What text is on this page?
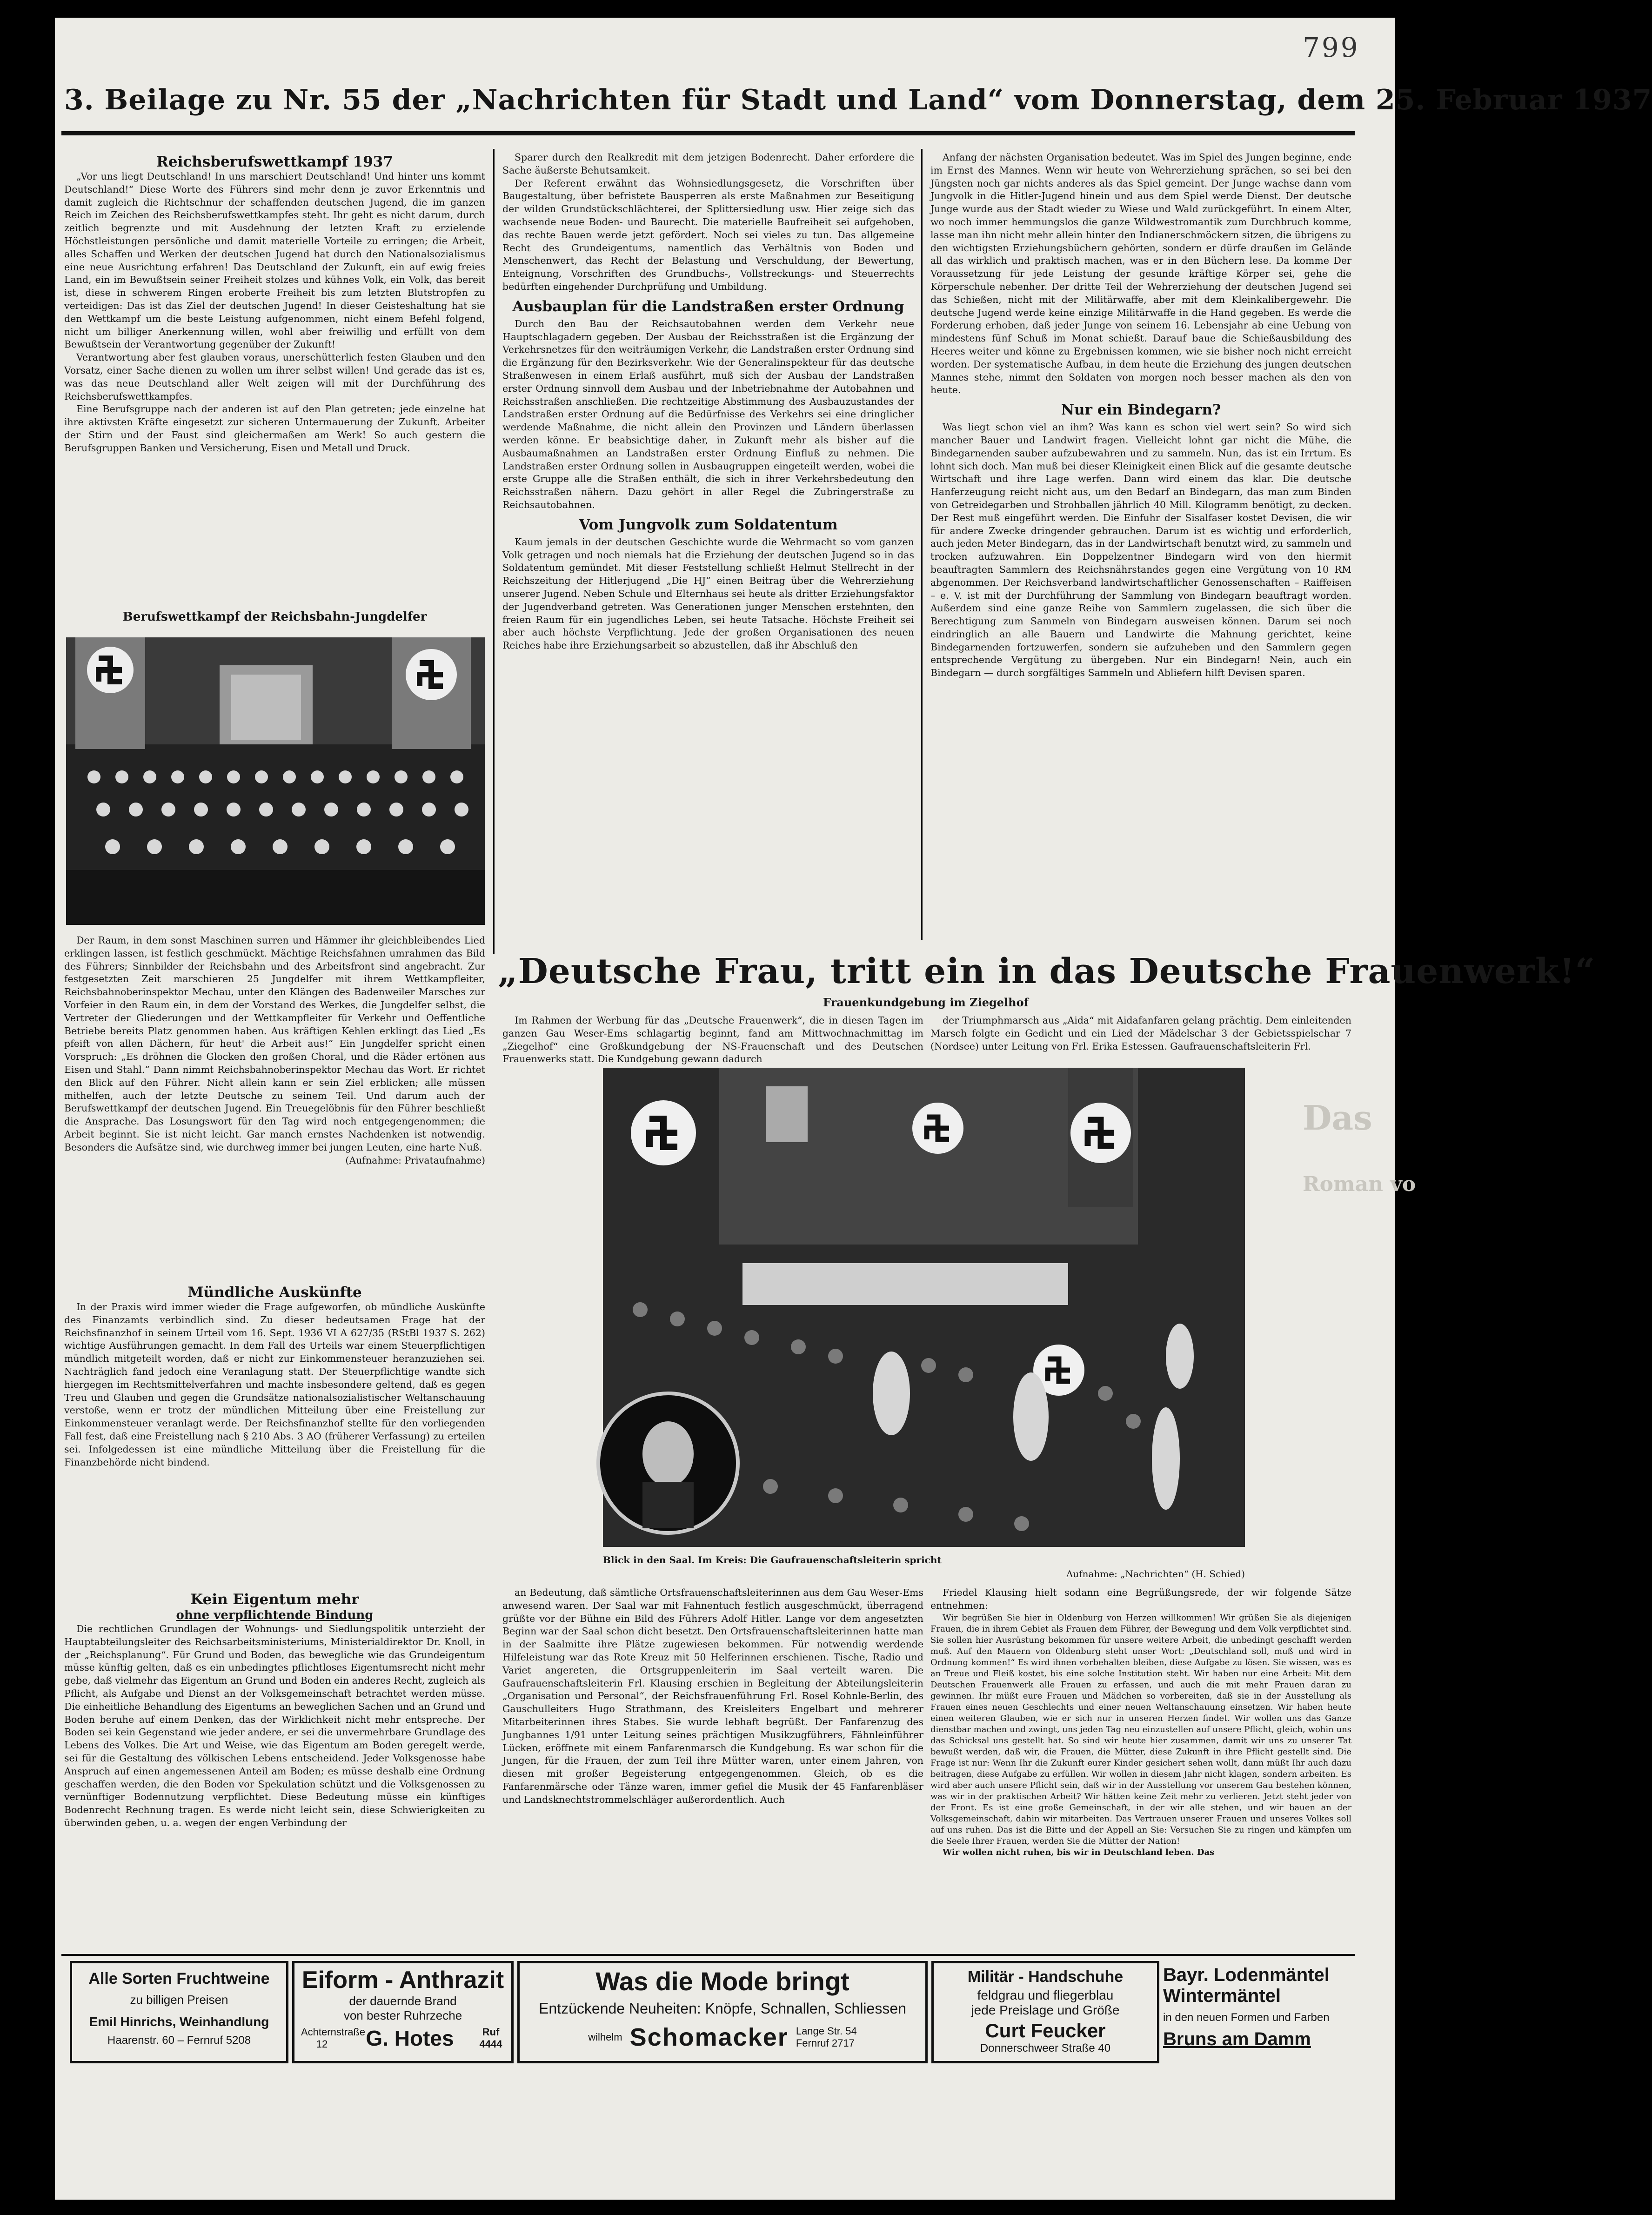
799
3. Beilage zu Nr. 55 der „Nachrichten für Stadt und Land“ vom Donnerstag, dem 25. Februar 1937
Reichsberufswettkampf 1937

„Vor uns liegt Deutschland! In uns marschiert Deutschland! Und hinter uns kommt Deutschland!“ Diese Worte des Führers sind mehr denn je zuvor Erkenntnis und damit zugleich die Richtschnur der schaffenden deutschen Jugend, die im ganzen Reich im Zeichen des Reichsberufswettkampfes steht. Ihr geht es nicht darum, durch zeitlich begrenzte und mit Ausdehnung der letzten Kraft zu erzielende Höchstleistungen persönliche und damit materielle Vorteile zu erringen; die Arbeit, alles Schaffen und Werken der deutschen Jugend hat durch den Nationalsozialismus eine neue Ausrichtung erfahren! Das Deutschland der Zukunft, ein auf ewig freies Land, ein im Bewußtsein seiner Freiheit stolzes und kühnes Volk, ein Volk, das bereit ist, diese in schwerem Ringen eroberte Freiheit bis zum letzten Blutstropfen zu verteidigen: Das ist das Ziel der deutschen Jugend! In dieser Geisteshaltung hat sie den Wettkampf um die beste Leistung aufgenommen, nicht einem Befehl folgend, nicht um billiger Anerkennung willen, wohl aber freiwillig und erfüllt von dem Bewußtsein der Verantwortung gegenüber der Zukunft!

Verantwortung aber fest glauben voraus, unerschütterlich festen Glauben und den Vorsatz, einer Sache dienen zu wollen um ihrer selbst willen! Und gerade das ist es, was das neue Deutschland aller Welt zeigen will mit der Durchführung des Reichsberufswettkampfes.

Eine Berufsgruppe nach der anderen ist auf den Plan getreten; jede einzelne hat ihre aktivsten Kräfte eingesetzt zur sicheren Untermauerung der Zukunft. Arbeiter der Stirn und der Faust sind gleichermaßen am Werk! So auch gestern die Berufsgruppen Banken und Versicherung, Eisen und Metall und Druck.

Berufswettkampf der Reichsbahn-Jungdelfer

Der Raum, in dem sonst Maschinen surren und Hämmer ihr gleichbleibendes Lied erklingen lassen, ist festlich geschmückt. Mächtige Reichsfahnen umrahmen das Bild des Führers; Sinnbilder der Reichsbahn und des Arbeitsfront sind angebracht. Zur festgesetzten Zeit marschieren 25 Jungdelfer mit ihrem Wettkampfleiter, Reichsbahnoberinspektor Mechau, unter den Klängen des Badenweiler Marsches zur Vorfeier in den Raum ein, in dem der Vorstand des Werkes, die Jungdelfer selbst, die Vertreter der Gliederungen und der Wettkampfleiter für Verkehr und Oeffentliche Betriebe bereits Platz genommen haben. Aus kräftigen Kehlen erklingt das Lied „Es pfeift von allen Dächern, für heut' die Arbeit aus!“ Ein Jungdelfer spricht einen Vorspruch: „Es dröhnen die Glocken den großen Choral, und die Räder ertönen aus Eisen und Stahl.“ Dann nimmt Reichsbahnoberinspektor Mechau das Wort. Er richtet den Blick auf den Führer. Nicht allein kann er sein Ziel erblicken; alle müssen mithelfen, auch der letzte Deutsche zu seinem Teil. Und darum auch der Berufswettkampf der deutschen Jugend. Ein Treuegelöbnis für den Führer beschließt die Ansprache. Das Losungswort für den Tag wird noch entgegengenommen; die Arbeit beginnt. Sie ist nicht leicht. Gar manch ernstes Nachdenken ist notwendig. Besonders die Aufsätze sind, wie durchweg immer bei jungen Leuten, eine harte Nuß.

(Aufnahme: Privataufnahme)
Mündliche Auskünfte

In der Praxis wird immer wieder die Frage aufgeworfen, ob mündliche Auskünfte des Finanzamts verbindlich sind. Zu dieser bedeutsamen Frage hat der Reichsfinanzhof in seinem Urteil vom 16. Sept. 1936 VI A 627/35 (RStBl 1937 S. 262) wichtige Ausführungen gemacht. In dem Fall des Urteils war einem Steuerpflichtigen mündlich mitgeteilt worden, daß er nicht zur Einkommensteuer heranzuziehen sei. Nachträglich fand jedoch eine Veranlagung statt. Der Steuerpflichtige wandte sich hiergegen im Rechtsmittelverfahren und machte insbesondere geltend, daß es gegen Treu und Glauben und gegen die Grundsätze nationalsozialistischer Weltanschauung verstoße, wenn er trotz der mündlichen Mitteilung über eine Freistellung zur Einkommensteuer veranlagt werde. Der Reichsfinanzhof stellte für den vorliegenden Fall fest, daß eine Freistellung nach § 210 Abs. 3 AO (früherer Verfassung) zu erteilen sei. Infolgedessen ist eine mündliche Mitteilung über die Freistellung für die Finanzbehörde nicht bindend.

Kein Eigentum mehr
ohne verpflichtende Bindung

Die rechtlichen Grundlagen der Wohnungs- und Siedlungspolitik unterzieht der Hauptabteilungsleiter des Reichsarbeitsministeriums, Ministerialdirektor Dr. Knoll, in der „Reichsplanung“. Für Grund und Boden, das bewegliche wie das Grundeigentum müsse künftig gelten, daß es ein unbedingtes pflichtloses Eigentumsrecht nicht mehr gebe, daß vielmehr das Eigentum an Grund und Boden ein anderes Recht, zugleich als Pflicht, als Aufgabe und Dienst an der Volksgemeinschaft betrachtet werden müsse. Die einheitliche Behandlung des Eigentums an beweglichen Sachen und an Grund und Boden beruhe auf einem Denken, das der Wirklichkeit nicht mehr entspreche. Der Boden sei kein Gegenstand wie jeder andere, er sei die unvermehrbare Grundlage des Lebens des Volkes. Die Art und Weise, wie das Eigentum am Boden geregelt werde, sei für die Gestaltung des völkischen Lebens entscheidend. Jeder Volksgenosse habe Anspruch auf einen angemessenen Anteil am Boden; es müsse deshalb eine Ordnung geschaffen werden, die den Boden vor Spekulation schützt und die Volksgenossen zu vernünftiger Bodennutzung verpflichtet. Diese Bedeutung müsse ein künftiges Bodenrecht Rechnung tragen. Es werde nicht leicht sein, diese Schwierigkeiten zu überwinden geben, u. a. wegen der engen Verbindung der

Sparer durch den Realkredit mit dem jetzigen Bodenrecht. Daher erfordere die Sache äußerste Behutsamkeit.

Der Referent erwähnt das Wohnsiedlungsgesetz, die Vorschriften über Baugestaltung, über befristete Bausperren als erste Maßnahmen zur Beseitigung der wilden Grundstückschlächterei, der Splittersiedlung usw. Hier zeige sich das wachsende neue Boden- und Baurecht. Die materielle Baufreiheit sei aufgehoben, das rechte Bauen werde jetzt gefördert. Noch sei vieles zu tun. Das allgemeine Recht des Grundeigentums, namentlich das Verhältnis von Boden und Menschenwert, das Recht der Belastung und Verschuldung, der Bewertung, Enteignung, Vorschriften des Grundbuchs-, Vollstreckungs- und Steuerrechts bedürften eingehender Durchprüfung und Umbildung.

Ausbauplan für die Landstraßen erster Ordnung

Durch den Bau der Reichsautobahnen werden dem Verkehr neue Hauptschlagadern gegeben. Der Ausbau der Reichsstraßen ist die Ergänzung der Verkehrsnetzes für den weiträumigen Verkehr, die Landstraßen erster Ordnung sind die Ergänzung für den Bezirksverkehr. Wie der Generalinspekteur für das deutsche Straßenwesen in einem Erlaß ausführt, muß sich der Ausbau der Landstraßen erster Ordnung sinnvoll dem Ausbau und der Inbetriebnahme der Autobahnen und Reichsstraßen anschließen. Die rechtzeitige Abstimmung des Ausbauzustandes der Landstraßen erster Ordnung auf die Bedürfnisse des Verkehrs sei eine dringlicher werdende Maßnahme, die nicht allein den Provinzen und Ländern überlassen werden könne. Er beabsichtige daher, in Zukunft mehr als bisher auf die Ausbaumaßnahmen an Landstraßen erster Ordnung Einfluß zu nehmen. Die Landstraßen erster Ordnung sollen in Ausbaugruppen eingeteilt werden, wobei die erste Gruppe alle die Straßen enthält, die sich in ihrer Verkehrsbedeutung den Reichsstraßen nähern. Dazu gehört in aller Regel die Zubringerstraße zu Reichsautobahnen.

Vom Jungvolk zum Soldatentum

Kaum jemals in der deutschen Geschichte wurde die Wehrmacht so vom ganzen Volk getragen und noch niemals hat die Erziehung der deutschen Jugend so in das Soldatentum gemündet. Mit dieser Feststellung schließt Helmut Stellrecht in der Reichszeitung der Hitlerjugend „Die HJ“ einen Beitrag über die Wehrerziehung unserer Jugend. Neben Schule und Elternhaus sei heute als dritter Erziehungsfaktor der Jugendverband getreten. Was Generationen junger Menschen erstehnten, den freien Raum für ein jugendliches Leben, sei heute Tatsache. Höchste Freiheit sei aber auch höchste Verpflichtung. Jede der großen Organisationen des neuen Reiches habe ihre Erziehungsarbeit so abzustellen, daß ihr Abschluß den

Anfang der nächsten Organisation bedeutet. Was im Spiel des Jungen beginne, ende im Ernst des Mannes. Wenn wir heute von Wehrerziehung sprächen, so sei bei den Jüngsten noch gar nichts anderes als das Spiel gemeint. Der Junge wachse dann vom Jungvolk in die Hitler-Jugend hinein und aus dem Spiel werde Dienst. Der deutsche Junge wurde aus der Stadt wieder zu Wiese und Wald zurückgeführt. In einem Alter, wo noch immer hemmungslos die ganze Wildwestromantik zum Durchbruch komme, lasse man ihn nicht mehr allein hinter den Indianerschmöckern sitzen, die übrigens zu den wichtigsten Erziehungsbüchern gehörten, sondern er dürfe draußen im Gelände all das wirklich und praktisch machen, was er in den Büchern lese. Da komme Der Voraussetzung für jede Leistung der gesunde kräftige Körper sei, gehe die Körperschule nebenher. Der dritte Teil der Wehrerziehung der deutschen Jugend sei das Schießen, nicht mit der Militärwaffe, aber mit dem Kleinkalibergewehr. Die deutsche Jugend werde keine einzige Militärwaffe in die Hand gegeben. Es werde die Forderung erhoben, daß jeder Junge von seinem 16. Lebensjahr ab eine Uebung von mindestens fünf Schuß im Monat schießt. Darauf baue die Schießausbildung des Heeres weiter und könne zu Ergebnissen kommen, wie sie bisher noch nicht erreicht worden. Der systematische Aufbau, in dem heute die Erziehung des jungen deutschen Mannes stehe, nimmt den Soldaten von morgen noch besser machen als den von heute.

Nur ein Bindegarn?

Was liegt schon viel an ihm? Was kann es schon viel wert sein? So wird sich mancher Bauer und Landwirt fragen. Vielleicht lohnt gar nicht die Mühe, die Bindegarnenden sauber aufzubewahren und zu sammeln. Nun, das ist ein Irrtum. Es lohnt sich doch. Man muß bei dieser Kleinigkeit einen Blick auf die gesamte deutsche Wirtschaft und ihre Lage werfen. Dann wird einem das klar. Die deutsche Hanferzeugung reicht nicht aus, um den Bedarf an Bindegarn, das man zum Binden von Getreidegarben und Strohballen jährlich 40 Mill. Kilogramm benötigt, zu decken. Der Rest muß eingeführt werden. Die Einfuhr der Sisalfaser kostet Devisen, die wir für andere Zwecke dringender gebrauchen. Darum ist es wichtig und erforderlich, auch jeden Meter Bindegarn, das in der Landwirtschaft benutzt wird, zu sammeln und trocken aufzuwahren. Ein Doppelzentner Bindegarn wird von den hiermit beauftragten Sammlern des Reichsnährstandes gegen eine Vergütung von 10 RM abgenommen. Der Reichsverband landwirtschaftlicher Genossenschaften – Raiffeisen – e. V. ist mit der Durchführung der Sammlung von Bindegarn beauftragt worden. Außerdem sind eine ganze Reihe von Sammlern zugelassen, die sich über die Berechtigung zum Sammeln von Bindegarn ausweisen können. Darum sei noch eindringlich an alle Bauern und Landwirte die Mahnung gerichtet, keine Bindegarnenden fortzuwerfen, sondern sie aufzuheben und den Sammlern gegen entsprechende Vergütung zu übergeben. Nur ein Bindegarn! Nein, auch ein Bindegarn — durch sorgfältiges Sammeln und Abliefern hilft Devisen sparen.

„Deutsche Frau, tritt ein in das Deutsche Frauenwerk!“
Frauenkundgebung im Ziegelhof

Im Rahmen der Werbung für das „Deutsche Frauenwerk“, die in diesen Tagen im ganzen Gau Weser-Ems schlagartig beginnt, fand am Mittwochnachmittag im „Ziegelhof“ eine Großkundgebung der NS-Frauenschaft und des Deutschen Frauenwerks statt. Die Kundgebung gewann dadurch

der Triumphmarsch aus „Aida“ mit Aidafanfaren gelang prächtig. Dem einleitenden Marsch folgte ein Gedicht und ein Lied der Mädelschar 3 der Gebietsspielschar 7 (Nordsee) unter Leitung von Frl. Erika Estessen. Gaufrauenschaftsleiterin Frl.

Blick in den Saal. Im Kreis: Die Gaufrauenschaftsleiterin spricht
Aufnahme: „Nachrichten“ (H. Schied)
Das
Roman vo

an Bedeutung, daß sämtliche Ortsfrauenschaftsleiterinnen aus dem Gau Weser-Ems anwesend waren. Der Saal war mit Fahnentuch festlich ausgeschmückt, überragend grüßte vor der Bühne ein Bild des Führers Adolf Hitler. Lange vor dem angesetzten Beginn war der Saal schon dicht besetzt. Den Ortsfrauenschaftsleiterinnen hatte man in der Saalmitte ihre Plätze zugewiesen bekommen. Für notwendig werdende Hilfeleistung war das Rote Kreuz mit 50 Helferinnen erschienen. Tische, Radio und Variet angereten, die Ortsgruppenleiterin im Saal verteilt waren. Die Gaufrauenschaftsleiterin Frl. Klausing erschien in Begleitung der Abteilungsleiterin „Organisation und Personal“, der Reichsfrauenführung Frl. Rosel Kohnle-Berlin, des Gauschulleiters Hugo Strathmann, des Kreisleiters Engelbart und mehrerer Mitarbeiterinnen ihres Stabes. Sie wurde lebhaft begrüßt. Der Fanfarenzug des Jungbannes 1/91 unter Leitung seines prächtigen Musikzugführers, Fähnleinführer Lücken, eröffnete mit einem Fanfarenmarsch die Kundgebung. Es war schon für die Jungen, für die Frauen, der zum Teil ihre Mütter waren, unter einem Jahren, von diesen mit großer Begeisterung entgegengenommen. Gleich, ob es die Fanfarenmärsche oder Tänze waren, immer gefiel die Musik der 45 Fanfarenbläser und Landsknechtstrommelschläger außerordentlich. Auch

Friedel Klausing hielt sodann eine Begrüßungsrede, der wir folgende Sätze entnehmen:

Wir begrüßen Sie hier in Oldenburg von Herzen willkommen! Wir grüßen Sie als diejenigen Frauen, die in ihrem Gebiet als Frauen dem Führer, der Bewegung und dem Volk verpflichtet sind. Sie sollen hier Ausrüstung bekommen für unsere weitere Arbeit, die unbedingt geschafft werden muß. Auf den Mauern von Oldenburg steht unser Wort: „Deutschland soll, muß und wird in Ordnung kommen!“ Es wird ihnen vorbehalten bleiben, diese Aufgabe zu lösen. Sie wissen, was es an Treue und Fleiß kostet, bis eine solche Institution steht. Wir haben nur eine Arbeit: Mit dem Deutschen Frauenwerk alle Frauen zu erfassen, und auch die mit mehr Frauen daran zu gewinnen. Ihr müßt eure Frauen und Mädchen so vorbereiten, daß sie in der Ausstellung als Frauen eines neuen Geschlechts und einer neuen Weltanschauung einsetzen. Wir haben heute einen weiteren Glauben, wie er sich nur in unseren Herzen findet. Wir wollen uns das Ganze dienstbar machen und zwingt, uns jeden Tag neu einzustellen auf unsere Pflicht, gleich, wohin uns das Schicksal uns gestellt hat. So sind wir heute hier zusammen, damit wir uns zu unserer Tat bewußt werden, daß wir, die Frauen, die Mütter, diese Zukunft in ihre Pflicht gestellt sind. Die Frage ist nur: Wenn Ihr die Zukunft eurer Kinder gesichert sehen wollt, dann müßt Ihr auch dazu beitragen, diese Aufgabe zu erfüllen. Wir wollen in diesem Jahr nicht klagen, sondern arbeiten. Es wird aber auch unsere Pflicht sein, daß wir in der Ausstellung vor unserem Gau bestehen können, was wir in der praktischen Arbeit? Wir hätten keine Zeit mehr zu verlieren. Jetzt steht jeder von der Front. Es ist eine große Gemeinschaft, in der wir alle stehen, und wir bauen an der Volksgemeinschaft, dahin wir mitarbeiten. Das Vertrauen unserer Frauen und unseres Volkes soll auf uns ruhen. Das ist die Bitte und der Appell an Sie: Versuchen Sie zu ringen und kämpfen um die Seele Ihrer Frauen, werden Sie die Mütter der Nation!

Wir wollen nicht ruhen, bis wir in Deutschland leben. Das

Alle Sorten Fruchtweine
zu billigen Preisen
Emil Hinrichs, Weinhandlung
Haarenstr. 60 – Fernruf 5208
Eiform - Anthrazit
der dauernde Brand
von bester Ruhrzeche
Achternstraße 12	G. Hotes	Ruf 4444
Was die Mode bringt
Entzückende Neuheiten: Knöpfe, Schnallen, Schliessen
wilhelm Schomacker Lange Str. 54
Fernruf 2717
Militär - Handschuhe
feldgrau und fliegerblau
jede Preislage und Größe
Curt Feucker
Donnerschweer Straße 40
Bayr. Lodenmäntel
Wintermäntel
in den neuen Formen und Farben
Bruns am Damm
